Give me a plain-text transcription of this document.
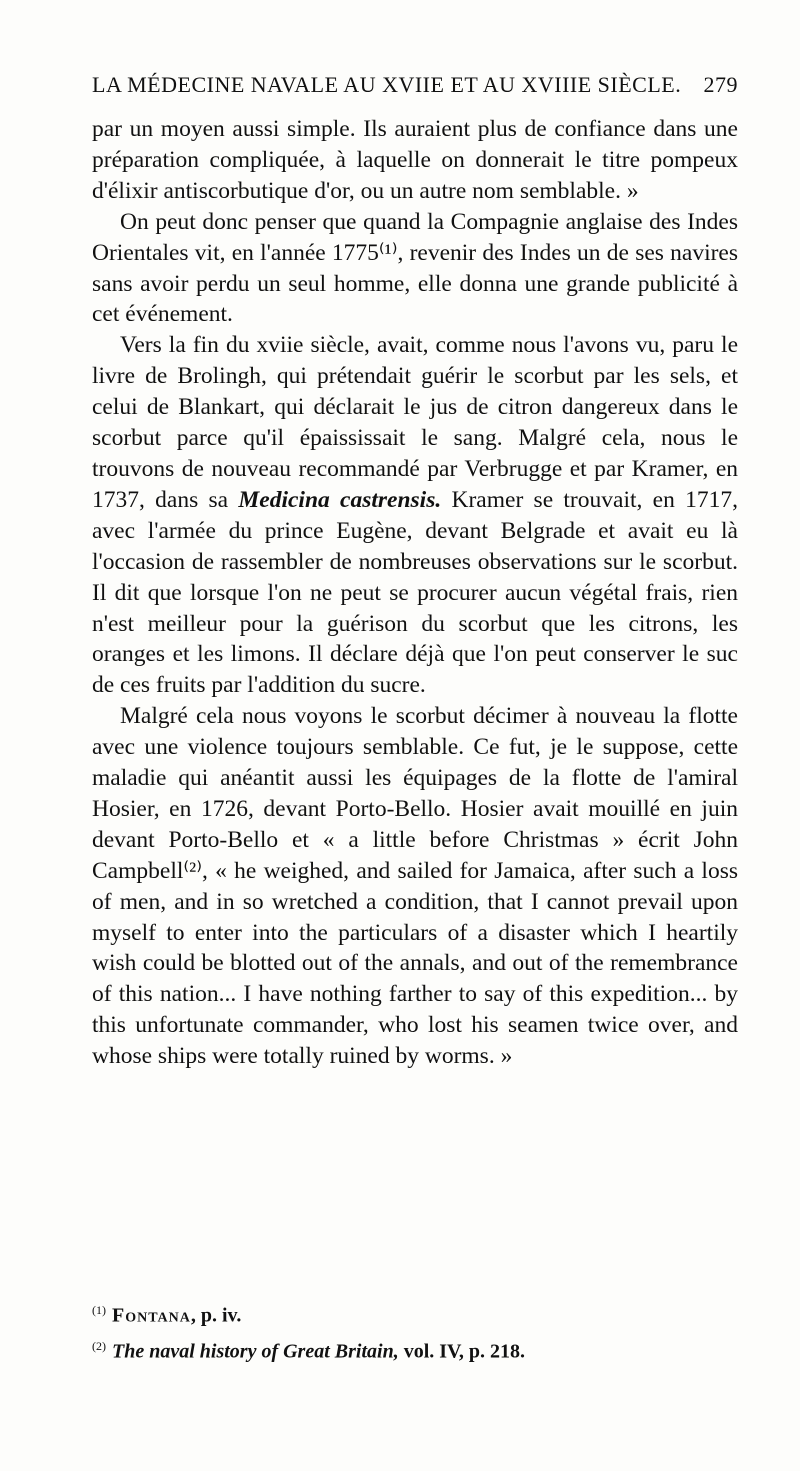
LA MÉDECINE NAVALE AU XVIIE ET AU XVIIIE SIÈCLE. 279

par un moyen aussi simple. Ils auraient plus de confiance dans une préparation compliquée, à laquelle on donnerait le titre pompeux d'élixir antiscorbutique d'or, ou un autre nom semblable. »

On peut donc penser que quand la Compagnie anglaise des Indes Orientales vit, en l'année 1775⁽¹⁾, revenir des Indes un de ses navires sans avoir perdu un seul homme, elle donna une grande publicité à cet événement.

Vers la fin du xviie siècle, avait, comme nous l'avons vu, paru le livre de Brolingh, qui prétendait guérir le scorbut par les sels, et celui de Blankart, qui déclarait le jus de citron dangereux dans le scorbut parce qu'il épaississait le sang. Malgré cela, nous le trouvons de nouveau recommandé par Verbrugge et par Kramer, en 1737, dans sa Medicina castrensis. Kramer se trouvait, en 1717, avec l'armée du prince Eugène, devant Belgrade et avait eu là l'occasion de rassembler de nombreuses observations sur le scorbut. Il dit que lorsque l'on ne peut se procurer aucun végétal frais, rien n'est meilleur pour la guérison du scorbut que les citrons, les oranges et les limons. Il déclare déjà que l'on peut conserver le suc de ces fruits par l'addition du sucre.

Malgré cela nous voyons le scorbut décimer à nouveau la flotte avec une violence toujours semblable. Ce fut, je le suppose, cette maladie qui anéantit aussi les équipages de la flotte de l'amiral Hosier, en 1726, devant Porto-Bello. Hosier avait mouillé en juin devant Porto-Bello et « a little before Christmas » écrit John Campbell⁽²⁾, « he weighed, and sailed for Jamaica, after such a loss of men, and in so wretched a condition, that I cannot prevail upon myself to enter into the particulars of a disaster which I heartily wish could be blotted out of the annals, and out of the remembrance of this nation... I have nothing farther to say of this expedition... by this unfortunate commander, who lost his seamen twice over, and whose ships were totally ruined by worms. »

$^{(1)}$ Fontana, p. iv.
$^{(2)}$ The naval history of Great Britain, vol. IV, p. 218.
